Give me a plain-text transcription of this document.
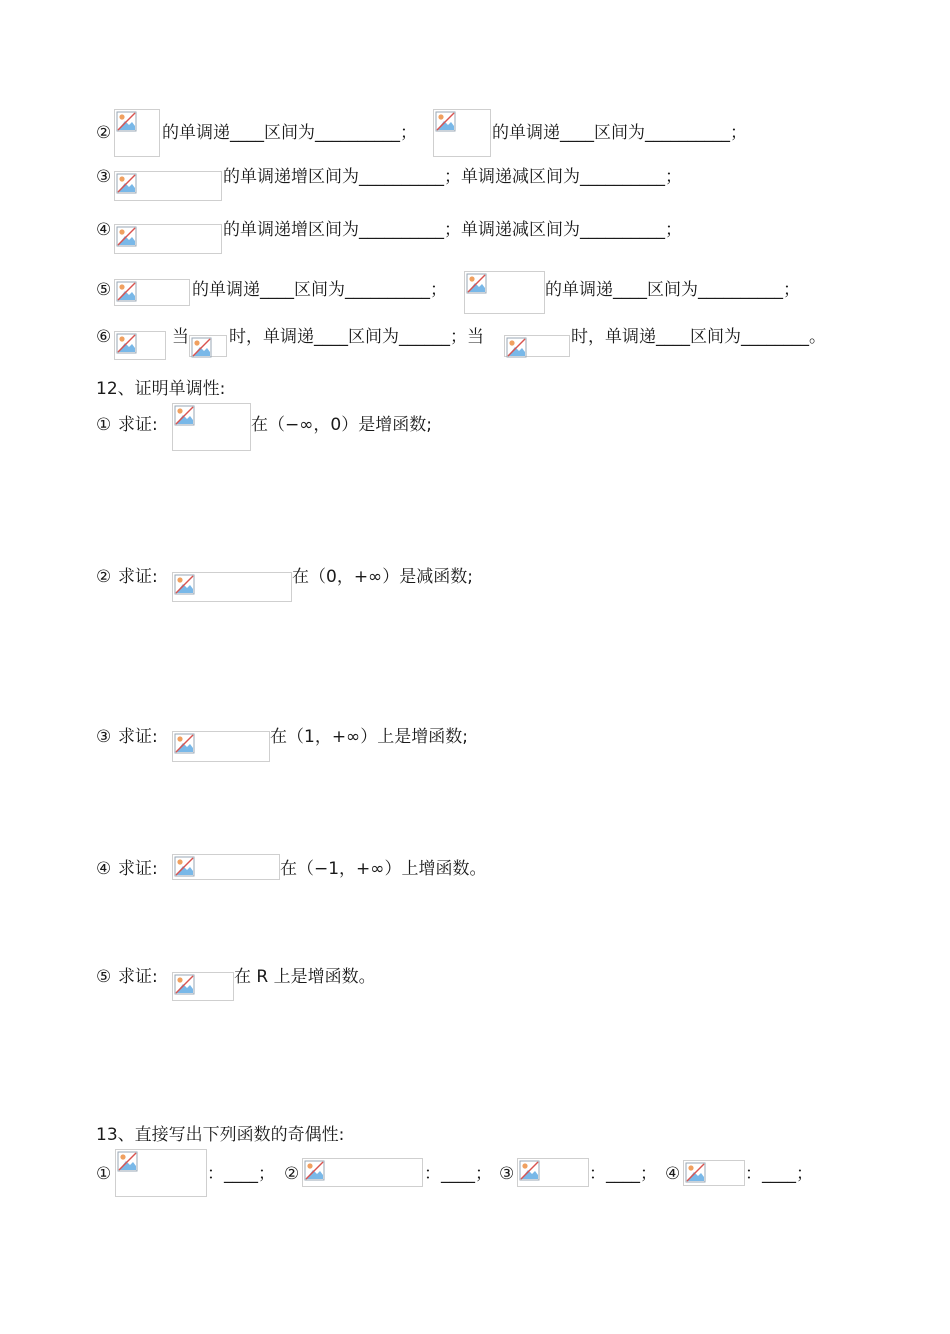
②	的单调递____区间为__________；	的单调递____区间为__________；
③	的单调递增区间为__________；单调递减区间为__________；
④	的单调递增区间为__________；单调递减区间为__________；
⑤	的单调递____区间为__________；	的单调递____区间为__________；
⑥	当 时，单调递____区间为______；当	时，单调递____区间为________。
12、证明单调性:
① 求证:	在（−∞，0）是增函数;
② 求证:	在（0，+∞）是减函数;
③ 求证:	在（1，+∞）上是增函数;
④ 求证:	在（−1，+∞）上增函数。
⑤ 求证:	在 R 上是增函数。
13、直接写出下列函数的奇偶性:
①	：____； ②	：____； ③	：____； ④	：____；
